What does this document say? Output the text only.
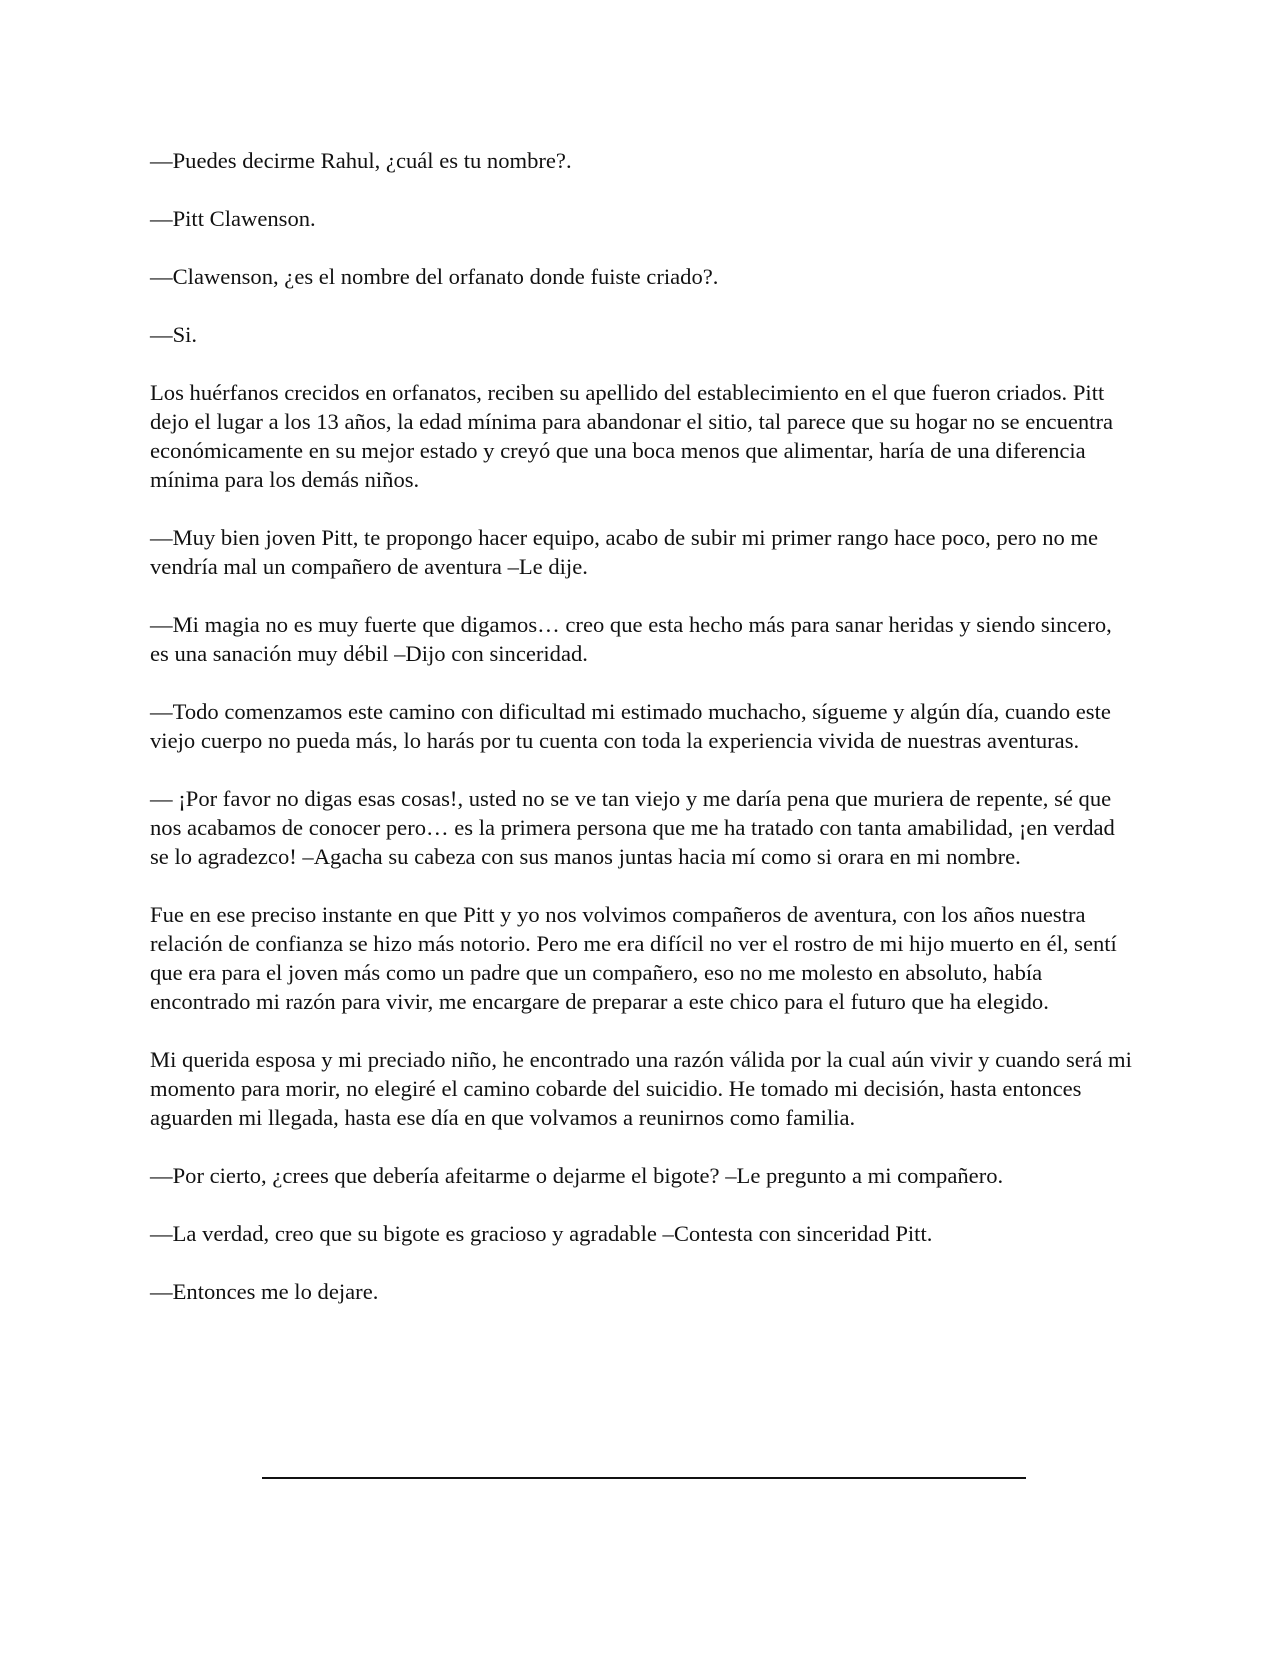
—Puedes decirme Rahul, ¿cuál es tu nombre?.

—Pitt Clawenson.

—Clawenson, ¿es el nombre del orfanato donde fuiste criado?.

—Si.

Los huérfanos crecidos en orfanatos, reciben su apellido del establecimiento en el que fueron criados. Pitt dejo el lugar a los 13 años, la edad mínima para abandonar el sitio, tal parece que su hogar no se encuentra económicamente en su mejor estado y creyó que una boca menos que alimentar, haría de una diferencia mínima para los demás niños.

—Muy bien joven Pitt, te propongo hacer equipo, acabo de subir mi primer rango hace poco, pero no me vendría mal un compañero de aventura –Le dije.

—Mi magia no es muy fuerte que digamos… creo que esta hecho más para sanar heridas y siendo sincero, es una sanación muy débil –Dijo con sinceridad.

—Todo comenzamos este camino con dificultad mi estimado muchacho, sígueme y algún día, cuando este viejo cuerpo no pueda más, lo harás por tu cuenta con toda la experiencia vivida de nuestras aventuras.

— ¡Por favor no digas esas cosas!, usted no se ve tan viejo y me daría pena que muriera de repente, sé que nos acabamos de conocer pero… es la primera persona que me ha tratado con tanta amabilidad, ¡en verdad se lo agradezco! –Agacha su cabeza con sus manos juntas hacia mí como si orara en mi nombre.

Fue en ese preciso instante en que Pitt y yo nos volvimos compañeros de aventura, con los años nuestra relación de confianza se hizo más notorio. Pero me era difícil no ver el rostro de mi hijo muerto en él, sentí que era para el joven más como un padre que un compañero, eso no me molesto en absoluto, había encontrado mi razón para vivir, me encargare de preparar a este chico para el futuro que ha elegido.

Mi querida esposa y mi preciado niño, he encontrado una razón válida por la cual aún vivir y cuando será mi momento para morir, no elegiré el camino cobarde del suicidio. He tomado mi decisión, hasta entonces aguarden mi llegada, hasta ese día en que volvamos a reunirnos como familia.

—Por cierto, ¿crees que debería afeitarme o dejarme el bigote? –Le pregunto a mi compañero.

—La verdad, creo que su bigote es gracioso y agradable –Contesta con sinceridad Pitt.

—Entonces me lo dejare.
